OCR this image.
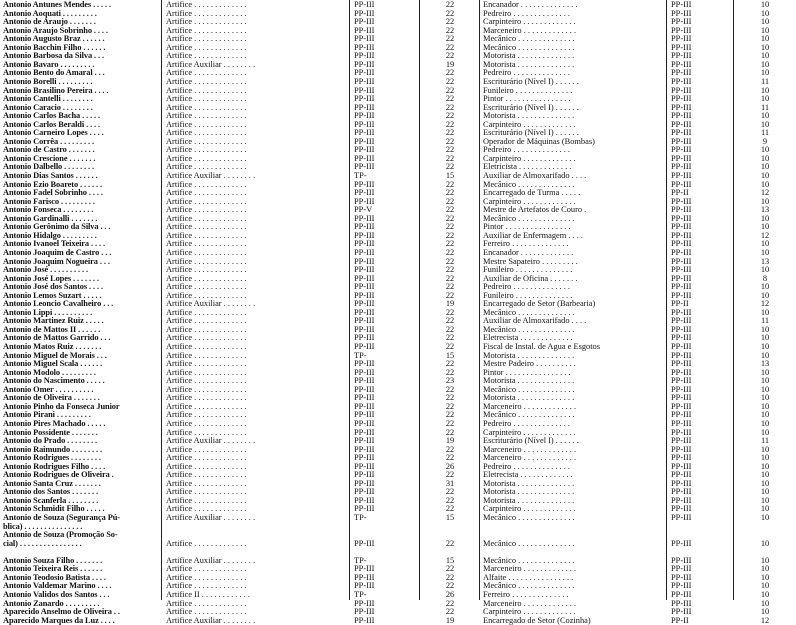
Antonio Antunes Mendes . . . . .	Artifice . . . . . . . . . . . . .	PP-III	22	Encanador . . . . . . . . . . . . . .	PP-III	10
Antonio Aoquati . . . . . . . . .	Artifice . . . . . . . . . . . . .	PP-III	22	Pedreiro . . . . . . . . . . . . . .	PP-III	10
Antonio de Araujo . . . . . . .	Artifice . . . . . . . . . . . . .	PP-III	22	Carpinteiro . . . . . . . . . . . . .	PP-III	10
Antonio Araujo Sobrinho . . . .	Artifice . . . . . . . . . . . . .	PP-III	22	Marceneiro . . . . . . . . . . . . .	PP-III	10
Antonio Augusto Braz . . . . . .	Artifice . . . . . . . . . . . . .	PP-III	22	Mecânico . . . . . . . . . . . . . .	PP-III	10
Antonio Bacchin Filho . . . . . .	Artifice . . . . . . . . . . . . .	PP-III	22	Mecânico . . . . . . . . . . . . . .	PP-III	10
Antonio Barbosa da Silva . . .	Artifice . . . . . . . . . . . . .	PP-III	22	Motorista . . . . . . . . . . . . . .	PP-III	10
Antonio Bavaro . . . . . . . . .	Artifice Auxiliar . . . . . . . .	PP-III	19	Motorista . . . . . . . . . . . . . .	PP-III	10
Antonio Bento do Amaral . . .	Artifice . . . . . . . . . . . . .	PP-III	22	Pedreiro . . . . . . . . . . . . . .	PP-III	10
Antonio Borelli . . . . . . . . .	Artifice . . . . . . . . . . . . .	PP-III	22	Escriturário (Nível I) . . . . . .	PP-III	11
Antonio Brasilino Pereira . . . .	Artifice . . . . . . . . . . . . .	PP-III	22	Funileiro . . . . . . . . . . . . . .	PP-III	10
Antonio Cantelli . . . . . . . .	Artifice . . . . . . . . . . . . .	PP-III	22	Pintor . . . . . . . . . . . . . . . .	PP-III	10
Antonio Caracio . . . . . . . .	Artifice . . . . . . . . . . . . .	PP-III	22	Escriturário (Nível I) . . . . . .	PP-III	11
Antonio Carlos Bacha . . . . .	Artifice . . . . . . . . . . . . .	PP-III	22	Motorista . . . . . . . . . . . . . .	PP-III	10
Antonio Carlos Beraldi . . . .	Artifice . . . . . . . . . . . . .	PP-III	22	Carpinteiro . . . . . . . . . . . . .	PP-III	10
Antonio Carneiro Lopes . . . .	Artifice . . . . . . . . . . . . .	PP-III	22	Escriturário (Nível I) . . . . . .	PP-III	11
Antonio Corrêa . . . . . . . . .	Artifice . . . . . . . . . . . . .	PP-III	22	Operador de Máquinas (Bombas)	PP-III	9
Antonio de Castro . . . . . . .	Artifice . . . . . . . . . . . . .	PP-III	22	Pedreiro . . . . . . . . . . . . . .	PP-III	10
Antonio Crescione . . . . . . .	Artifice . . . . . . . . . . . . .	PP-III	22	Carpinteiro . . . . . . . . . . . . .	PP-III	10
Antonio Dalbello . . . . . . . .	Artifice . . . . . . . . . . . . .	PP-III	22	Eletricista . . . . . . . . . . . . .	PP-III	10
Antonio Dias Santos . . . . . .	Artifice Auxiliar . . . . . . . .	TP-	15	Auxiliar de Almoxarifado . . . .	PP-III	10
Antonio Ezio Boareto . . . . . .	Artifice . . . . . . . . . . . . .	PP-III	22	Mecânico . . . . . . . . . . . . . .	PP-III	10
Antonio Fadel Sobrinho . . . .	Artifice . . . . . . . . . . . . .	PP-III	22	Encarregado de Turma . . . . .	PP-II	12
Antonio Farisco . . . . . . . . .	Artifice . . . . . . . . . . . . .	PP-III	22	Carpinteiro . . . . . . . . . . . . .	PP-III	10
Antonio Fonseca . . . . . . . .	Artifice . . . . . . . . . . . . .	PP-V	22	Mestre de Artefatos de Couro .	PP-III	13
Antonio Gardinalli . . . . . . .	Artifice . . . . . . . . . . . . .	PP-III	22	Mecânico . . . . . . . . . . . . . .	PP-III	10
Antonio Gerônimo da Silva . . .	Artifice . . . . . . . . . . . . .	PP-III	22	Pintor . . . . . . . . . . . . . . . .	PP-III	10
Antonio Hidalgo . . . . . . . . .	Artifice . . . . . . . . . . . . .	PP-III	22	Auxiliar de Enfermagem . . . .	PP-III	12
Antonio Ivanoel Teixeira . . . .	Artifice . . . . . . . . . . . . .	PP-III	22	Ferreiro . . . . . . . . . . . . . .	PP-III	10
Antonio Joaquim de Castro . . .	Artifice . . . . . . . . . . . . .	PP-III	22	Encanador . . . . . . . . . . . . .	PP-III	10
Antonio Joaquim Nogueira . . .	Artifice . . . . . . . . . . . . .	PP-III	22	Mestre Sapateiro . . . . . . . . .	PP-III	13
Antonio José . . . . . . . . . .	Artifice . . . . . . . . . . . . .	PP-III	22	Funileiro . . . . . . . . . . . . . .	PP-III	10
Antonio José Lopes . . . . . . .	Artifice . . . . . . . . . . . . .	PP-III	22	Auxiliar de Oficina . . . . . . .	PP-III	8
Antonio José dos Santos . . . .	Artifice . . . . . . . . . . . . .	PP-III	22	Pedreiro . . . . . . . . . . . . . .	PP-III	10
Antonio Lemos Suzart . . . . .	Artifice . . . . . . . . . . . . .	PP-III	22	Funileiro . . . . . . . . . . . . . .	PP-III	10
Antonio Leoncio Cavalheiro . . .	Artifice Auxiliar . . . . . . . .	PP-III	19	Encarregado de Setor (Barbearia)	PP-II	12
Antonio Lippi . . . . . . . . . .	Artifice . . . . . . . . . . . . .	PP-III	22	Mecânico . . . . . . . . . . . . . .	PP-III	10
Antonio Martinez Ruiz . . . . .	Artifice . . . . . . . . . . . . .	PP-III	22	Auxiliar de Almoxarifado . . . .	PP-III	11
Antonio de Mattos II . . . . . .	Artifice . . . . . . . . . . . . .	PP-III	22	Mecânico . . . . . . . . . . . . . .	PP-III	10
Antonio de Mattos Garrido . . .	Artifice . . . . . . . . . . . . .	PP-III	22	Eletrecista . . . . . . . . . . . . .	PP-III	10
Antonio Matos Ruiz . . . . . . .	Artifice . . . . . . . . . . . . .	PP-III	22	Fiscal de Instal. de Agua e Esgotos	PP-III	10
Antonio Miguel de Morais . . .	Artifice . . . . . . . . . . . . .	TP-	15	Motorista . . . . . . . . . . . . . .	PP-III	10
Antonio Miguel Scala . . . . . .	Artifice . . . . . . . . . . . . .	PP-III	22	Mestre Padeiro . . . . . . . . . .	PP-III	13
Antonio Modolo . . . . . . . . .	Artifice . . . . . . . . . . . . .	PP-III	22	Pintor . . . . . . . . . . . . . . . .	PP-III	10
Antonio do Nascimento . . . . .	Artifice . . . . . . . . . . . . .	PP-III	23	Motorista . . . . . . . . . . . . . .	PP-III	10
Antonio Omer . . . . . . . . . .	Artifice . . . . . . . . . . . . .	PP-III	22	Mecânico . . . . . . . . . . . . . .	PP-III	10
Antonio de Oliveira . . . . . . .	Artifice . . . . . . . . . . . . .	PP-III	22	Motorista . . . . . . . . . . . . . .	PP-III	10
Antonio Pinho da Fonseca Junior	Artifice . . . . . . . . . . . . .	PP-III	22	Marceneiro . . . . . . . . . . . . .	PP-III	10
Antonio Pirani . . . . . . . . .	Artifice . . . . . . . . . . . . .	PP-III	22	Mecânico . . . . . . . . . . . . . .	PP-III	10
Antonio Pires Machado . . . . .	Artifice . . . . . . . . . . . . .	PP-III	22	Pedreiro . . . . . . . . . . . . . .	PP-III	10
Antonio Possidente . . . . . . .	Artifice . . . . . . . . . . . . .	PP-III	22	Carpinteiro . . . . . . . . . . . . .	PP-III	10
Antonio do Prado . . . . . . . .	Artifice Auxiliar . . . . . . . .	PP-III	19	Escriturário (Nível I) . . . . . .	PP-III	11
Antonio Raimundo . . . . . . . .	Artifice . . . . . . . . . . . . .	PP-III	22	Marceneiro . . . . . . . . . . . . .	PP-III	10
Antonio Rodrigues . . . . . . . .	Artifice . . . . . . . . . . . . .	PP-III	22	Marceneiro . . . . . . . . . . . . .	PP-III	10
Antonio Rodrigues Filho . . . .	Artifice . . . . . . . . . . . . .	PP-III	26	Pedreiro . . . . . . . . . . . . . .	PP-III	10
Antonio Rodrigues de Oliveira .	Artifice . . . . . . . . . . . . .	PP-III	22	Eletrecista . . . . . . . . . . . . .	PP-III	10
Antonio Santa Cruz . . . . . . .	Artifice . . . . . . . . . . . . .	PP-III	31	Motorista . . . . . . . . . . . . . .	PP-III	10
Antonio dos Santos . . . . . . .	Artifice . . . . . . . . . . . . .	PP-III	22	Motorista . . . . . . . . . . . . . .	PP-III	10
Antonio Scanferla . . . . . . . .	Artifice . . . . . . . . . . . . .	PP-III	22	Motorista . . . . . . . . . . . . . .	PP-III	10
Antonio Schmidit Filho . . . . .	Artifice . . . . . . . . . . . . .	PP-III	22	Carpinteiro . . . . . . . . . . . . .	PP-III	10
Antonio de Souza (Segurança Pú-	Artifice Auxiliar . . . . . . . .	TP-	15	Mecânico . . . . . . . . . . . . . .	PP-III	10
blica) . . . . . . . . . . . . . . .
Antonio de Souza (Promoção So-
cial) . . . . . . . . . . . . . . . .	Artifice . . . . . . . . . . . . .	PP-III	22	Mecânico . . . . . . . . . . . . . .	PP-III	10
Antonio Souza Filho . . . . . . .	Artifice Auxiliar . . . . . . . .	TP-	15	Mecânico . . . . . . . . . . . . . .	PP-III	10
Antonio Teixeira Reis . . . . . .	Artifice . . . . . . . . . . . . .	PP-III	22	Marceneiro . . . . . . . . . . . . .	PP-III	10
Antonio Teodosio Batista . . . .	Artifice . . . . . . . . . . . . .	PP-III	22	Alfaite . . . . . . . . . . . . . . . .	PP-III	10
Antonio Valdemar Marino . . . .	Artifice . . . . . . . . . . . . .	PP-III	22	Mecânico . . . . . . . . . . . . . .	PP-III	10
Antonio Validos dos Santos . . .	Artifice II . . . . . . . . . . . .	TP-	26	Ferreiro . . . . . . . . . . . . . .	PP-III	10
Antonio Zanardo . . . . . . . . .	Artifice . . . . . . . . . . . . .	PP-III	22	Marceneiro . . . . . . . . . . . . .	PP-III	10
Aparecido Anselmo de Oliveira . .	Artifice . . . . . . . . . . . . .	PP-III	22	Carpinteiro . . . . . . . . . . . . .	PP-III	10
Aparecido Marques da Luz . . . .	Artifice Auxiliar . . . . . . . .	PP-III	19	Encarregado de Setor (Cozinha)	PP-II	12
